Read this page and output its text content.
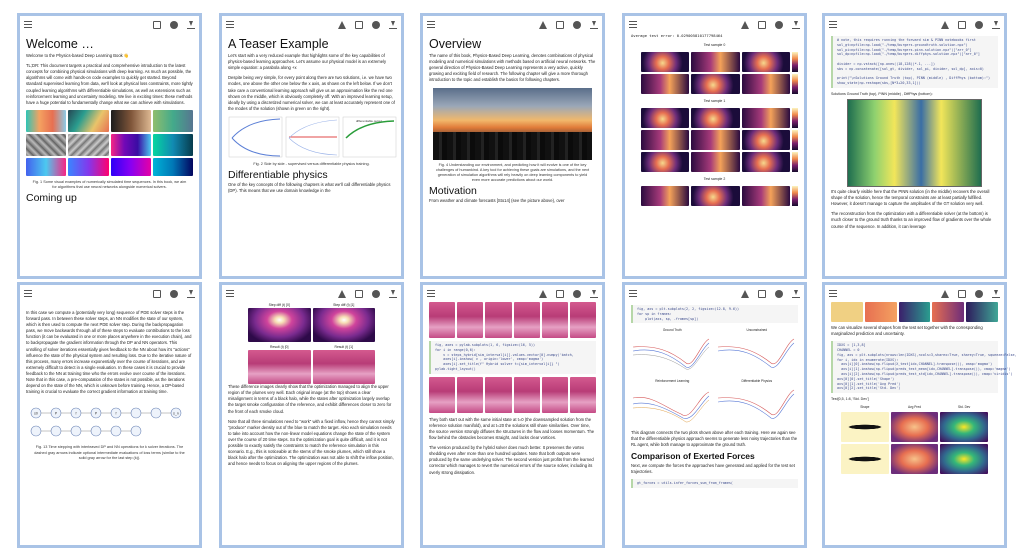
Welcome …

Welcome to the Physics-based Deep Learning Book 👋

TL;DR: This document targets a practical and comprehensive introduction to the latest concepts for combining physical simulations with deep learning. As much as possible, the algorithms will come with hands-on code examples to quickly get started. Beyond standard supervised learning from data, we'll look at physical loss constraints, more tightly coupled learning algorithms with differentiable simulations, as well as extensions such as reinforcement learning and uncertainty modeling. We live in exciting times: these methods have a huge potential to fundamentally change what we can achieve with simulations.

Fig. 1 Some visual examples of numerically simulated time sequences. In this book, we aim for algorithms that use neural networks alongside numerical solvers.
Coming up
A Teaser Example

Let's start with a very reduced example that highlights some of the key capabilities of physics-based learning approaches. Let's assume our physical model is an extremely simple equation: a parabola along +x

Despite being very simple, for every point along there are two solutions, i.e. we have two modes, one above the other one below the x axis, as shown on the left below. If we don't take care a conventional learning approach will give us an approximation like the red one shown on the middle, which is obviously completely off. With an improved learning setup, ideally by using a discretized numerical solver, we can at least accurately represent one of the modes of the solution (shown in green on the right).

differentiable output
Fig. 2 Side by side - supervised versus differentiable physics training.
Differentiable physics

One of the key concepts of the following chapters is what we'll call differentiable physics (DP). This means that we use domain knowledge in the

Overview

The name of this book, Physics-Based Deep Learning, denotes combinations of physical modeling and numerical simulations with methods based on artificial neural networks. The general direction of Physics-Based Deep Learning represents a very active, quickly growing and exciting field of research. The following chapter will give a more thorough introduction to the topic and establish the basics for following chapters.

Fig. 4 Understanding our environment, and predicting how it will evolve is one of the key challenges of humankind. A key tool for achieving these goals are simulations, and the next generation of simulation algorithms will rely heavily on deep learning components to yield even more accurate predictions about our world.
Motivation

From weather and climate forecasts [Sto14] (see the picture above), over

Average test error: 0.029005810177798464
Test sample 0
Test sample 1
Test sample 2
# note, this requires running the forward sim & PINN notebooks first
sol_gt=npfile=np.load("./temp/burgers-groundtruth-solution.npz")
sol_pi=npfile=np.load("./temp/burgers-pinn-solution.npz")["arr_0"]
sol_dp=npfile=np.load("./temp/burgers-diffphys-solution.npz")["arr_0"]

divider = np.vstack([np.ones((18,128))*-1, ...])
sbs = np.concatenate([sol_gt, divider, sol_pi, divider, sol_dp], axis=0)

print("\nSolutions Ground Truth (top), PINN (middle) , DiffPhys (bottom):")
show_state(np.reshape(sbs,[N*3+20,33,1]))
Solutions Ground Truth (top), PINN (middle) , DiffPhys (bottom):

It's quite clearly visible here that the PINN solution (in the middle) recovers the overall shape of the solution, hence the temporal constraints are at least partially fulfilled. However, it doesn't manage to capture the amplitudes of the GT solution very well.

The reconstruction from the optimization with a differentiable solver (at the bottom) is much closer to the ground truth thanks to an improved flow of gradients over the whole course of the sequence. In addition, it can leverage

In this case we compute a (potentially very long) sequence of PDE solver steps in the forward pass. In between these solver steps, an NN modifies the state of our system, which is then used to compute the next PDE solver step. During the backpropagation pass, we move backwards through all of these steps to evaluate contributions to the loss function (it can be evaluated in one or more places anywhere in the execution chain), and to backpropagate the gradient information through the DP and NN operators. This unrolling of solver iterations essentially gives feedback to the NN about how it's "actions" influence the state of the physical system and resulting loss. Due to the iterative nature of this process, many errors increase exponentially over the course of iterations, and are extremely difficult to detect in a single evaluation. In these cases it is crucial to provide feedback to the NN at training time who the errors evolve over course of the iterations. Note that in this case, a pre-computation of the states is not possible, as the iterations depend on the state of the NN, which is unknown before training. Hence, a DP-based training is crucial to evaluate the correct gradient information at training time.

s0	P	f	P	f	s_n
Fig. 13 Time stepping with interleaved DP and NN operations for k solver iterations. The dashed gray arrows indicate optional intermediate evaluations of loss terms (similar to the solid gray arrow for the last step (k)).
Step diff (t) [0]	Step diff (t) [1]
Result (t) [0]	Result (t) [1]

These difference images clearly show that the optimization managed to align the upper region of the plumes very well. Each original image (at the top) shows a clear misalignment in terms of a black halo, while the states after optimization largely overlap the target smoke configuration of the reference, and exhibit differences closer to zero for the front of each smoke cloud.

Note that all three simulations need to "work" with a fixed inflow, hence they cannot simply "produce" marker density out of the blue to match the target. Also each simulation needs to take into account how the non-linear model equations change the state of the system over the course of 20 time steps. So the optimization goal is quite difficult, and it is not possible to exactly satisfy the constraints to match the reference simulation in this scenario. E.g., this is noticeable at the stems of the smoke plumes, which still show a black halo after the optimization. The optimization was not able to shift the inflow position, and hence needs to focus on aligning the upper regions of the plumes.

fig, axes = pylab.subplots(1, 6, figsize=(16, 5))
for i in range(0,6):
v = steps_hybrid[sim_interval[i]].values.vector[0].numpy('batch,
axes[i].imshow( v , origin='lower', cmap='magma')
axes[i].set_title(f" Hybrid solver t={sim_interval[i]} ")
pylab.tight_layout()

They both start out with the same initial state at t=0 (the downsampled solution from the reference solution manifold), and at t=20 the solutions still share similarities. Over time, the source version strongly diffuses the structures in the flow and looses momentum. The flow behind the obstacles becomes straight, and lacks clear vortices.

The version produced by the hybrid solver does much better. It preserves the vortex shedding even after more than one hundred updates. Note that both outputs were produced by the same underlying solver. The second version just profits from the learned corrector which manages to revert the numerical errors of the source solver, including its overly strong dissipation.

fig, axs = plt.subplots(2, 2, figsize=(12.8, 9.6))
for sp in frames:
plot(axs, sp, -frames[sp])
Ground Truth	Unconstrained
Reinforcement Learning	Differentiable Physics

This diagram connects the two plots shown above after each training. Here we again see that the differentiable physics approach seems to generate less noisy trajectories than the RL agent, while both manage to approximate the ground truth.

Comparison of Exerted Forces

Next, we compute the forces the approaches have generated and applied for the test set trajectories.

gt_forces = utils.infer_forces_sum_from_frames(

We can visualize several shapes from the test set together with the corresponding marginalized prediction and uncertainty.

IDXS = [1,3,8]
CHANNEL = 0
fig, axs = plt.subplots(nrows=len(IDXS),ncols=3,sharex=True, sharey=True, squeeze=False,
for i, idx in enumerate(IDXS):
axs[i][0].imshow(np.flipud(X_test[idx,CHANNEL].transpose()), cmap='magma')
axs[i][1].imshow(np.flipud(preds_test_mean[idx,CHANNEL].transpose()), cmap='magma')
axs[i][2].imshow(np.flipud(preds_test_std[idx,CHANNEL].transpose()), cmap='viridis')
axs[0][0].set_title('Shape')
axs[0][1].set_title('Avg Pred')
axs[0][2].set_title('Std. Dev')
Test[0,5, 1:8, 'Std. Dev']
Shape	Avg Pred	Std. Dev
